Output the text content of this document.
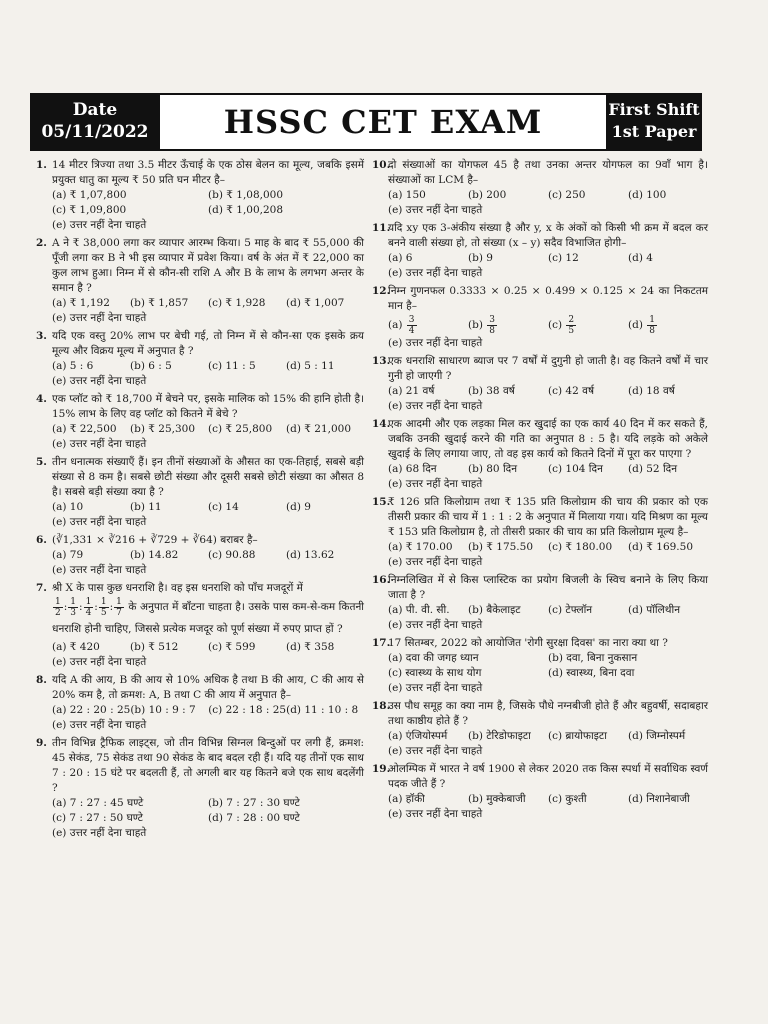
Date
05/11/2022	HSSC CET EXAM	First Shift
1st Paper
1. 14 मीटर त्रिज्या तथा 3.5 मीटर ऊँचाई के एक ठोस बेलन का मूल्य, जबकि इसमें प्रयुक्त धातु का मूल्य ₹ 50 प्रति घन मीटर है–
(a) ₹ 1,07,800	(b) ₹ 1,08,000
(c) ₹ 1,09,800	(d) ₹ 1,00,208
(e) उत्तर नहीं देना चाहते
2. A ने ₹ 38,000 लगा कर व्यापार आरम्भ किया। 5 माह के बाद ₹ 55,000 की पूँजी लगा कर B ने भी इस व्यापार में प्रवेश किया। वर्ष के अंत में ₹ 22,000 का कुल लाभ हुआ। निम्न में से कौन-सी राशि A और B के लाभ के लगभग अन्तर के समान है ?
(a) ₹ 1,192	(b) ₹ 1,857	(c) ₹ 1,928	(d) ₹ 1,007
(e) उत्तर नहीं देना चाहते
3. यदि एक वस्तु 20% लाभ पर बेची गई, तो निम्न में से कौन-सा एक इसके क्रय मूल्य और विक्रय मूल्य में अनुपात है ?
(a) 5 : 6	(b) 6 : 5	(c) 11 : 5	(d) 5 : 11
(e) उत्तर नहीं देना चाहते
4. एक प्लॉट को ₹ 18,700 में बेचने पर, इसके मालिक को 15% की हानि होती है। 15% लाभ के लिए वह प्लॉट को कितने में बेचे ?
(a) ₹ 22,500	(b) ₹ 25,300	(c) ₹ 25,800	(d) ₹ 21,000
(e) उत्तर नहीं देना चाहते
5. तीन धनात्मक संख्याएँ हैं। इन तीनों संख्याओं के औसत का एक-तिहाई, सबसे बड़ी संख्या से 8 कम है। सबसे छोटी संख्या और दूसरी सबसे छोटी संख्या का औसत 8 है। सबसे बड़ी संख्या क्या है ?
(a) 10	(b) 11	(c) 14	(d) 9
(e) उत्तर नहीं देना चाहते
6. (∛1,331 × ∛216 + ∛729 + ∛64) बराबर है–
(a) 79	(b) 14.82	(c) 90.88	(d) 13.62
(e) उत्तर नहीं देना चाहते
7. श्री X के पास कुछ धनराशि है। वह इस धनराशि को पाँच मजदूरों में
$\frac{1}{2}$ : $\frac{1}{3}$ : $\frac{1}{4}$ : $\frac{1}{5}$ : $\frac{1}{7}$ के अनुपात में बाँटना चाहता है। उसके पास कम-से-कम कितनी धनराशि होनी चाहिए, जिससे प्रत्येक मजदूर को पूर्ण संख्या में रुपए प्राप्त हों ?
(a) ₹ 420	(b) ₹ 512	(c) ₹ 599	(d) ₹ 358
(e) उत्तर नहीं देना चाहते
8. यदि A की आय, B की आय से 10% अधिक है तथा B की आय, C की आय से 20% कम है, तो क्रमश: A, B तथा C की आय में अनुपात है–
(a) 22 : 20 : 25 (b) 10 : 9 : 7	(c) 22 : 18 : 25 (d) 11 : 10 : 8
(e) उत्तर नहीं देना चाहते
9. तीन विभिन्न ट्रैफिक लाइट्स, जो तीन विभिन्न सिग्नल बिन्दुओं पर लगी हैं, क्रमश: 45 सेकंड, 75 सेकंड तथा 90 सेकंड के बाद बदल रही हैं। यदि यह तीनों एक साथ 7 : 20 : 15 घंटे पर बदलती हैं, तो अगली बार यह कितने बजे एक साथ बदलेंगी ?
(a) 7 : 27 : 45 घण्टे	(b) 7 : 27 : 30 घण्टे
(c) 7 : 27 : 50 घण्टे	(d) 7 : 28 : 00 घण्टे
(e) उत्तर नहीं देना चाहते
10.
दो संख्याओं का योगफल 45 है तथा उनका अन्तर योगफल का 9वाँ भाग है। संख्याओं का LCM है–
(a) 150	(b) 200	(c) 250	(d) 100
(e) उत्तर नहीं देना चाहते
11.
यदि xy एक 3-अंकीय संख्या है और y, x के अंकों को किसी भी क्रम में बदल कर बनने वाली संख्या हो, तो संख्या (x – y) सदैव विभाजित होगी–
(a) 6	(b) 9	(c) 12	(d) 4
(e) उत्तर नहीं देना चाहते
12.
निम्न गुणनफल 0.3333 × 0.25 × 0.499 × 0.125 × 24 का निकटतम मान है–
$(a) \frac{3}{4}$	$(b) \frac{3}{8}$	$(c) \frac{2}{5}$	$(d) \frac{1}{8}$
(e) उत्तर नहीं देना चाहते
13.
एक धनराशि साधारण ब्याज पर 7 वर्षों में दुगुनी हो जाती है। वह कितने वर्षों में चार गुनी हो जाएगी ?
(a) 21 वर्ष	(b) 38 वर्ष	(c) 42 वर्ष	(d) 18 वर्ष
(e) उत्तर नहीं देना चाहते
14.
एक आदमी और एक लड़का मिल कर खुदाई का एक कार्य 40 दिन में कर सकते हैं, जबकि उनकी खुदाई करने की गति का अनुपात 8 : 5 है। यदि लड़के को अकेले खुदाई के लिए लगाया जाए, तो वह इस कार्य को कितने दिनों में पूरा कर पाएगा ?
(a) 68 दिन	(b) 80 दिन	(c) 104 दिन	(d) 52 दिन
(e) उत्तर नहीं देना चाहते
15.
₹ 126 प्रति किलोग्राम तथा ₹ 135 प्रति किलोग्राम की चाय की प्रकार को एक तीसरी प्रकार की चाय में 1 : 1 : 2 के अनुपात में मिलाया गया। यदि मिश्रण का मूल्य ₹ 153 प्रति किलोग्राम है, तो तीसरी प्रकार की चाय का प्रति किलोग्राम मूल्य है–
(a) ₹ 170.00	(b) ₹ 175.50	(c) ₹ 180.00	(d) ₹ 169.50
(e) उत्तर नहीं देना चाहते
16.
निम्नलिखित में से किस प्लास्टिक का प्रयोग बिजली के स्विच बनाने के लिए किया जाता है ?
(a) पी. वी. सी.	(b) बैकेलाइट	(c) टेफ्लॉन	(d) पॉलिथीन
(e) उत्तर नहीं देना चाहते
17.
17 सितम्बर, 2022 को आयोजित 'रोगी सुरक्षा दिवस' का नारा क्या था ?
(a) दवा की जगह ध्यान	(b) दवा, बिना नुकसान
(c) स्वास्थ्य के साथ योग	(d) स्वास्थ्य, बिना दवा
(e) उत्तर नहीं देना चाहते
18.
उस पौध समूह का क्या नाम है, जिसके पौधे नग्नबीजी होते हैं और बहुवर्षी, सदाबहार तथा काष्ठीय होते हैं ?
(a) एंजियोस्पर्म	(b) टेरिडोफाइटा	(c) ब्रायोफाइटा	(d) जिम्नोस्पर्म
(e) उत्तर नहीं देना चाहते
19.
ओलम्पिक में भारत ने वर्ष 1900 से लेकर 2020 तक किस स्पर्धा में सर्वाधिक स्वर्ण पदक जीते हैं ?
(a) हॉकी	(b) मुक्केबाजी	(c) कुश्ती	(d) निशानेबाजी
(e) उत्तर नहीं देना चाहते
